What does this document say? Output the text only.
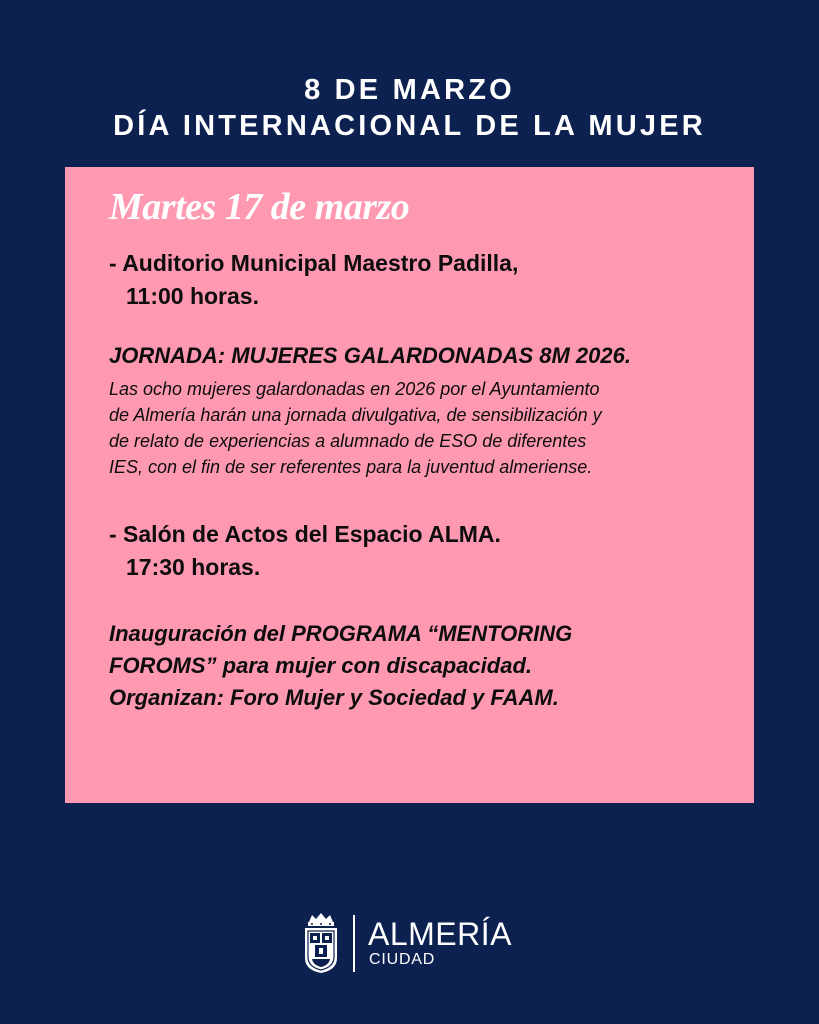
8 DE MARZO
DÍA INTERNACIONAL DE LA MUJER
Martes 17 de marzo
- Auditorio Municipal Maestro Padilla,
11:00 horas.
JORNADA: MUJERES GALARDONADAS 8M 2026.
Las ocho mujeres galardonadas en 2026 por el Ayuntamiento
de Almería harán una jornada divulgativa, de sensibilización y
de relato de experiencias a alumnado de ESO de diferentes
IES, con el fin de ser referentes para la juventud almeriense.
- Salón de Actos del Espacio ALMA.
17:30 horas.
Inauguración del PROGRAMA “MENTORING
FOROMS” para mujer con discapacidad.
Organizan: Foro Mujer y Sociedad y FAAM.
ALMERÍA
CIUDAD
